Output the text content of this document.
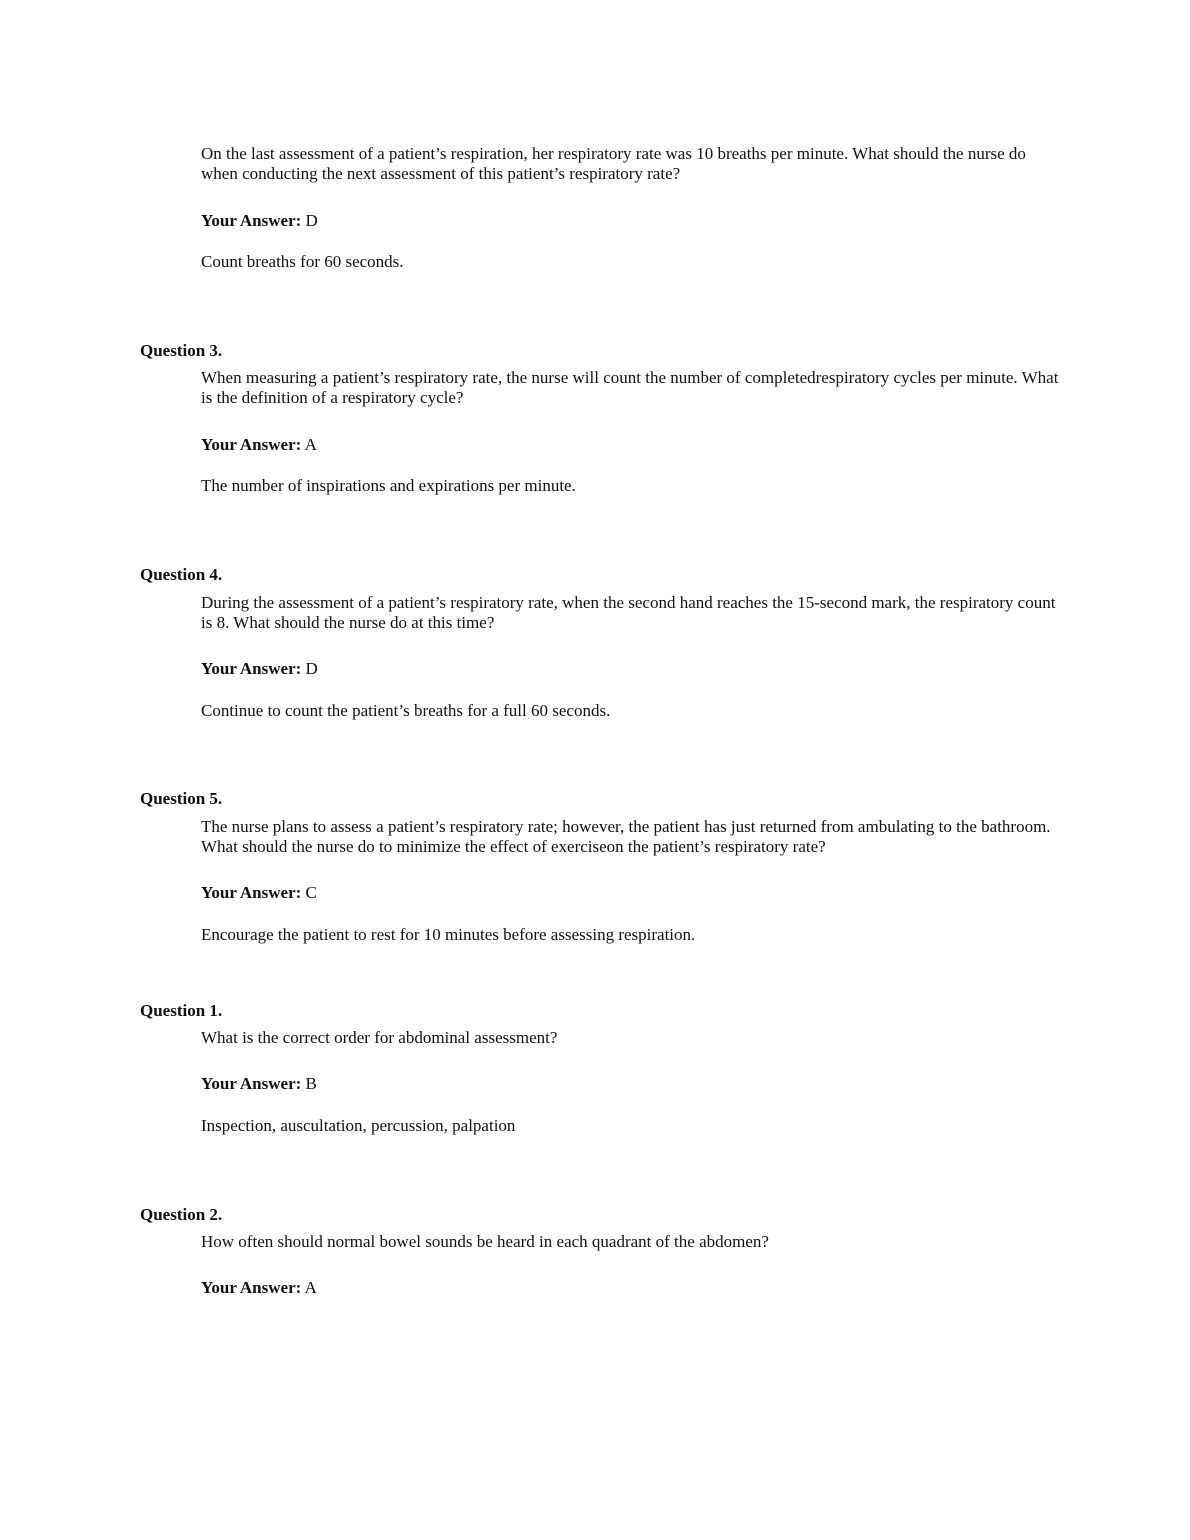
On the last assessment of a patient’s respiration, her respiratory rate was 10 breaths per minute. What should the nurse do when conducting the next assessment of this patient’s respiratory rate?
Your Answer: D
Count breaths for 60 seconds.
Question 3.
When measuring a patient’s respiratory rate, the nurse will count the number of completedrespiratory cycles per minute. What is the definition of a respiratory cycle?
Your Answer: A
The number of inspirations and expirations per minute.
Question 4.
During the assessment of a patient’s respiratory rate, when the second hand reaches the 15-second mark, the respiratory count is 8. What should the nurse do at this time?
Your Answer: D
Continue to count the patient’s breaths for a full 60 seconds.
Question 5.
The nurse plans to assess a patient’s respiratory rate; however, the patient has just returned from ambulating to the bathroom. What should the nurse do to minimize the effect of exerciseon the patient’s respiratory rate?
Your Answer: C
Encourage the patient to rest for 10 minutes before assessing respiration.
Question 1.
What is the correct order for abdominal assessment?
Your Answer: B
Inspection, auscultation, percussion, palpation
Question 2.
How often should normal bowel sounds be heard in each quadrant of the abdomen?
Your Answer: A
